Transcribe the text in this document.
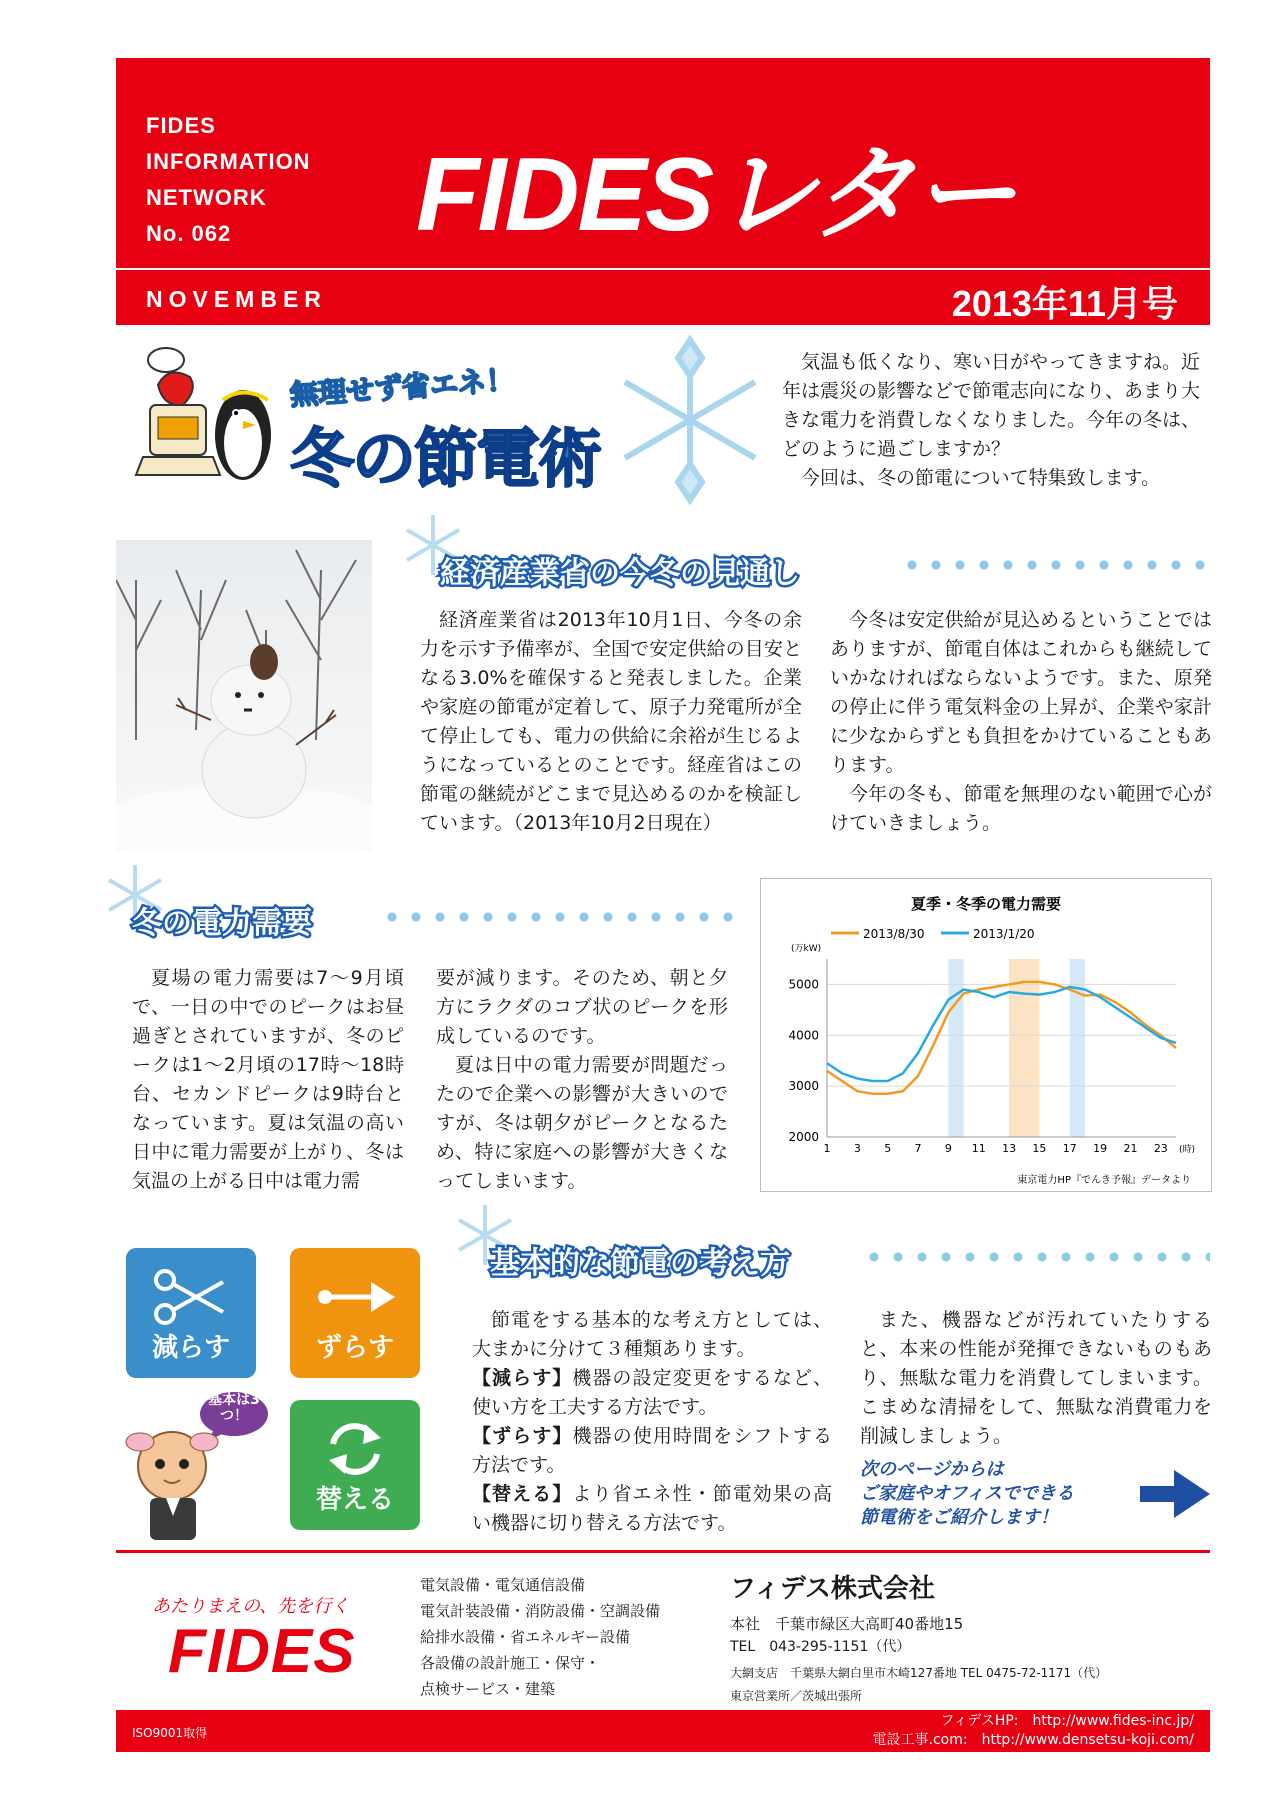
FIDES
INFORMATION
NETWORK
No. 062	FIDESレター
NOVEMBER	2013年11月号
無理せず省エネ！
冬の節電術

気温も低くなり、寒い日がやってきますね。近年は震災の影響などで節電志向になり、あまり大きな電力を消費しなくなりました。今年の冬は、どのように過ごしますか？

今回は、冬の節電について特集致します。

経済産業省の今冬の見通し

経済産業省は2013年10月1日、今冬の余力を示す予備率が、全国で安定供給の目安となる3.0%を確保すると発表しました。企業や家庭の節電が定着して、原子力発電所が全て停止しても、電力の供給に余裕が生じるようになっているとのことです。経産省はこの節電の継続がどこまで見込めるのかを検証しています。（2013年10月2日現在）

今冬は安定供給が見込めるということではありますが、節電自体はこれからも継続していかなければならないようです。また、原発の停止に伴う電気料金の上昇が、企業や家計に少なからずとも負担をかけていることもあります。

今年の冬も、節電を無理のない範囲で心がけていきましょう。

冬の電力需要

夏場の電力需要は7〜9月頃で、一日の中でのピークはお昼過ぎとされていますが、冬のピークは1〜2月頃の17時〜18時台、セカンドピークは9時台となっています。夏は気温の高い日中に電力需要が上がり、冬は気温の上がる日中は電力需

要が減ります。そのため、朝と夕方にラクダのコブ状のピークを形成しているのです。

夏は日中の電力需要が問題だったので企業への影響が大きいのですが、冬は朝夕がピークとなるため、特に家庭への影響が大きくなってしまいます。

夏季・冬季の電力需要
2013/8/30	2013/1/20
(万kW)
(時)
2000
3000
4000
5000
1 3 5 7 9 11 13 15 17 19 21 23
東京電力HP『でんき予報』データより
基本的な節電の考え方
減らす	ずらす
替える
基本は3つ！

節電をする基本的な考え方としては、大まかに分けて３種類あります。

【減らす】機器の設定変更をするなど、使い方を工夫する方法です。
【ずらす】機器の使用時間をシフトする方法です。
【替える】より省エネ性・節電効果の高い機器に切り替える方法です。

また、機器などが汚れていたりすると、本来の性能が発揮できないものもあり、無駄な電力を消費してしまいます。こまめな清掃をして、無駄な消費電力を削減しましょう。

次のページからは
ご家庭やオフィスでできる
節電術をご紹介します！
あたりまえの、先を行く
FIDES
電気設備・電気通信設備
電気計装設備・消防設備・空調設備
給排水設備・省エネルギー設備
各設備の設計施工・保守・
点検サービス・建築
フィデス株式会社
本社　千葉市緑区大高町40番地15
TEL　043-295-1151（代）
大網支店　千葉県大網白里市木崎127番地 TEL 0475-72-1171（代）
東京営業所／茨城出張所
ISO9001取得
フィデスHP:　http://www.fides-inc.jp/
電設工事.com:　http://www.densetsu-koji.com/
